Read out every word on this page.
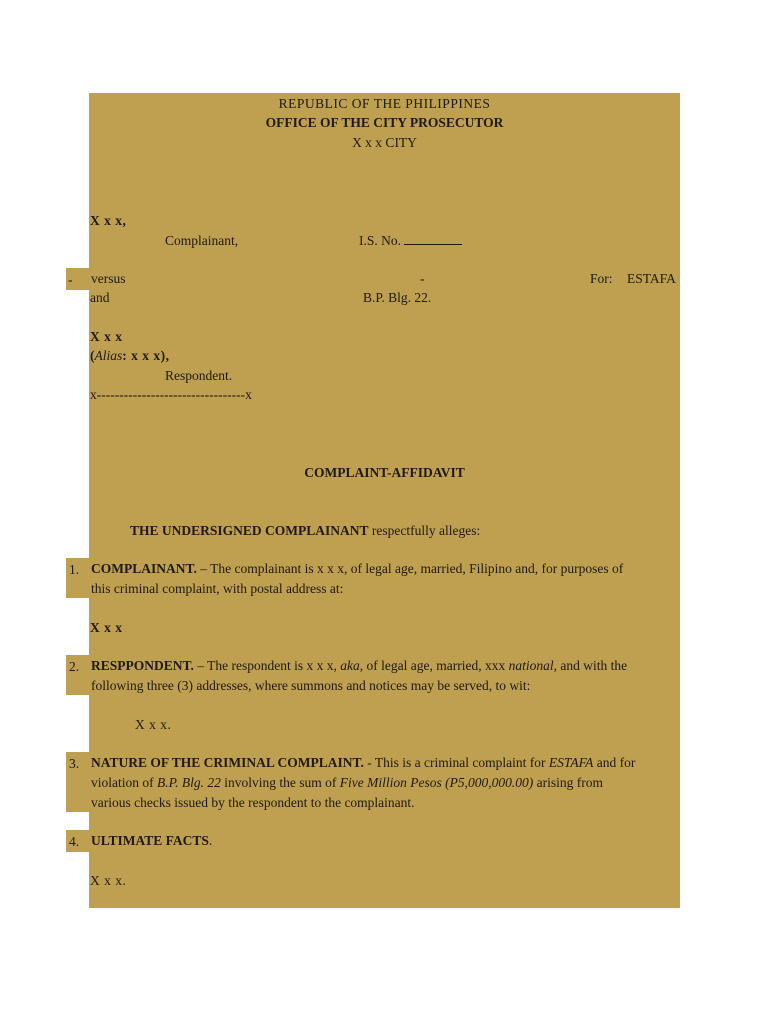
REPUBLIC OF THE PHILIPPINES
OFFICE OF THE CITY PROSECUTOR
X x x CITY
X x x,
Complainant,	I.S. No.
versus	-	For: ESTAFA
and	B.P. Blg. 22.
X x x
(Alias: x x x),
Respondent.
x---------------------------------x
COMPLAINT-AFFIDAVIT
THE UNDERSIGNED COMPLAINANT respectfully alleges:
COMPLAINANT. – The complainant is x x x, of legal age, married, Filipino and, for purposes of
this criminal complaint, with postal address at:
X x x
RESPPONDENT. – The respondent is x x x, aka, of legal age, married, xxx national, and with the
following three (3) addresses, where summons and notices may be served, to wit:
X x x.
NATURE OF THE CRIMINAL COMPLAINT. - This is a criminal complaint for ESTAFA and for
violation of B.P. Blg. 22 involving the sum of Five Million Pesos (P5,000,000.00) arising from
various checks issued by the respondent to the complainant.
ULTIMATE FACTS.
X x x.
-
1.
2.
3.
4.
